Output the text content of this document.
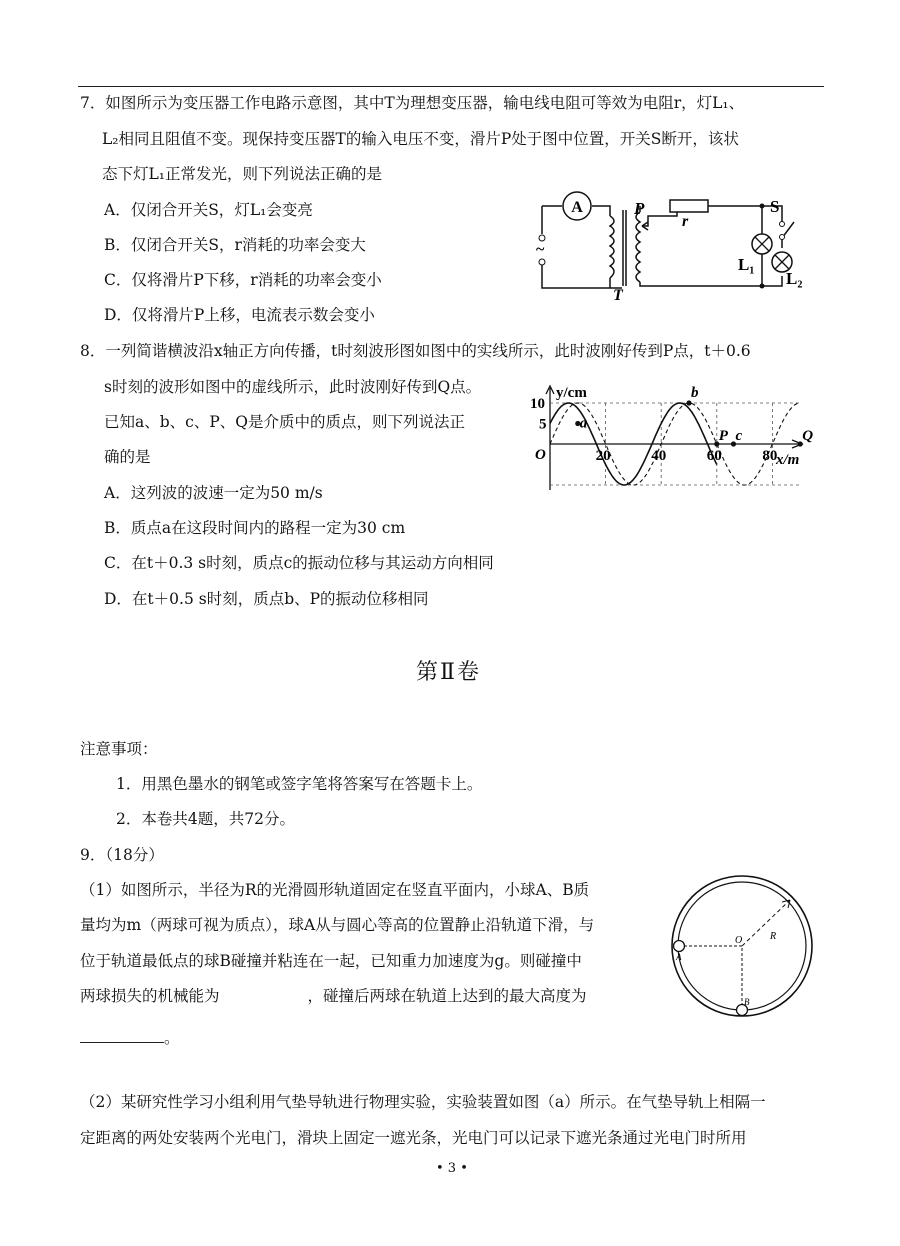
7．如图所示为变压器工作电路示意图，其中T为理想变压器，输电线电阻可等效为电阻r，灯L₁、
L₂相同且阻值不变。现保持变压器T的输入电压不变，滑片P处于图中位置，开关S断开，该状
态下灯L₁正常发光，则下列说法正确的是
A．仅闭合开关S，灯L₁会变亮
B．仅闭合开关S，r消耗的功率会变大
C．仅将滑片P下移，r消耗的功率会变小
D．仅将滑片P上移，电流表示数会变小
A
~
r
P
L₁
L₂
S
T
8．一列简谐横波沿x轴正方向传播，t时刻波形图如图中的实线所示，此时波刚好传到P点，t＋0.6
s时刻的波形如图中的虚线所示，此时波刚好传到Q点。
已知a、b、c、P、Q是介质中的质点，则下列说法正
确的是
A．这列波的波速一定为50 m/s
B．质点a在这段时间内的路程一定为30 cm
C．在t＋0.3 s时刻，质点c的振动位移与其运动方向相同
D．在t＋0.5 s时刻，质点b、P的振动位移相同
20	40	60	80
5
10
a
b
P c	Q
y/cm
x/m
O
第Ⅱ卷
注意事项：
1．用黑色墨水的钢笔或签字笔将答案写在答题卡上。
2．本卷共4题，共72分。
9．（18分）
（1）如图所示，半径为R的光滑圆形轨道固定在竖直平面内，小球A、B质
量均为m（两球可视为质点），球A从与圆心等高的位置静止沿轨道下滑，与
位于轨道最低点的球B碰撞并粘连在一起，已知重力加速度为g。则碰撞中
两球损失的机械能为	，碰撞后两球在轨道上达到的最大高度为
。
O	R
A
B
（2）某研究性学习小组利用气垫导轨进行物理实验，实验装置如图（a）所示。在气垫导轨上相隔一
定距离的两处安装两个光电门，滑块上固定一遮光条，光电门可以记录下遮光条通过光电门时所用
• 3 •
